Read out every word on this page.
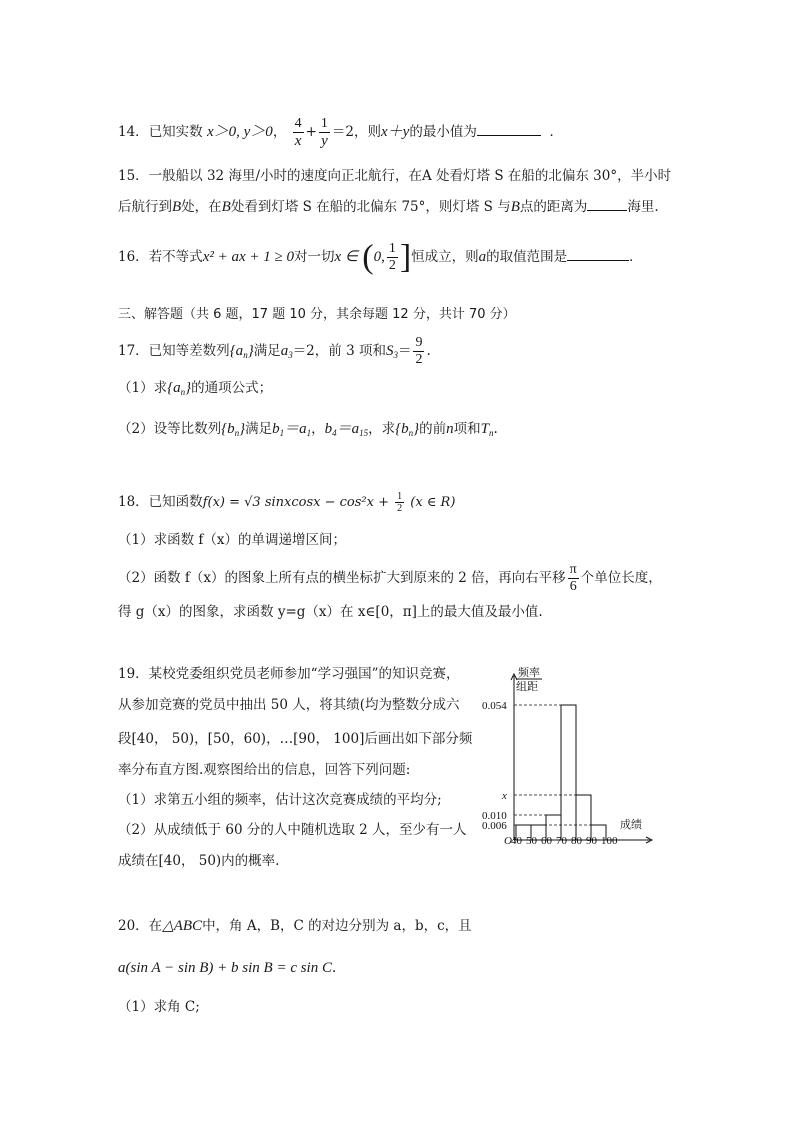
14．已知实数 x＞0, y＞0， $\frac{4}{x} + \frac{1}{y} =2$，则x＋y的最小值为	．
15．一般船以 32 海里/小时的速度向正北航行，在A 处看灯塔 S 在船的北偏东 30°，半小时
后航行到B处，在B处看到灯塔 S 在船的北偏东 75°，则灯塔 S 与B点的距离为	海里.
16．若不等式x² + ax + 1 ≥ 0对一切x ∈ (0, $\frac{1}{2}$ ]恒成立，则a的取值范围是	．
三、解答题（共 6 题，17 题 10 分，其余每题 12 分，共计 70 分）
17．已知等差数列$\{a_n\}$满足$a_3=2$，前 3 项和$S_3= \frac{9}{2}$ .
（1）求$\{a_n\}$的通项公式；
（2）设等比数列$\{b_n\}$满足$b_1=a_1$，$b_4=a_{15}$，求$\{b_n\}$的前n项和$T_n$.
18．已知函数f(x) = √3 sinxcosx − $\cos^2x + \frac{1}{2} (x$ ∈ R)
（1）求函数 f（x）的单调递增区间；
（2）函数 f（x）的图象上所有点的横坐标扩大到原来的 2 倍，再向右平移 $\frac{\pi}{6}$ 个单位长度，
得 g（x）的图象，求函数 y=g（x）在 x∈[0，π]上的最大值及最小值.
19．某校党委组织党员老师参加“学习强国”的知识竞赛，
从参加竞赛的党员中抽出 50 人，将其绩(均为整数分成六
段[40， 50)，[50，60)，…[90， 100]后画出如下部分频
率分布直方图.观察图给出的信息，回答下列问题:
（1）求第五小组的频率，估计这次竞赛成绩的平均分;
（2）从成绩低于 60 分的人中随机选取 2 人，至少有一人
成绩在[40， 50)内的概率.
频率
组距
0.054
x
0.010
0.006
O 40 50 60 70 80 90 100
成绩
20．在△ABC中，角 A，B，C 的对边分别为 a，b，c，且
a(sin A − sin B) + b sin B = c sin C.
（1）求角 C;
